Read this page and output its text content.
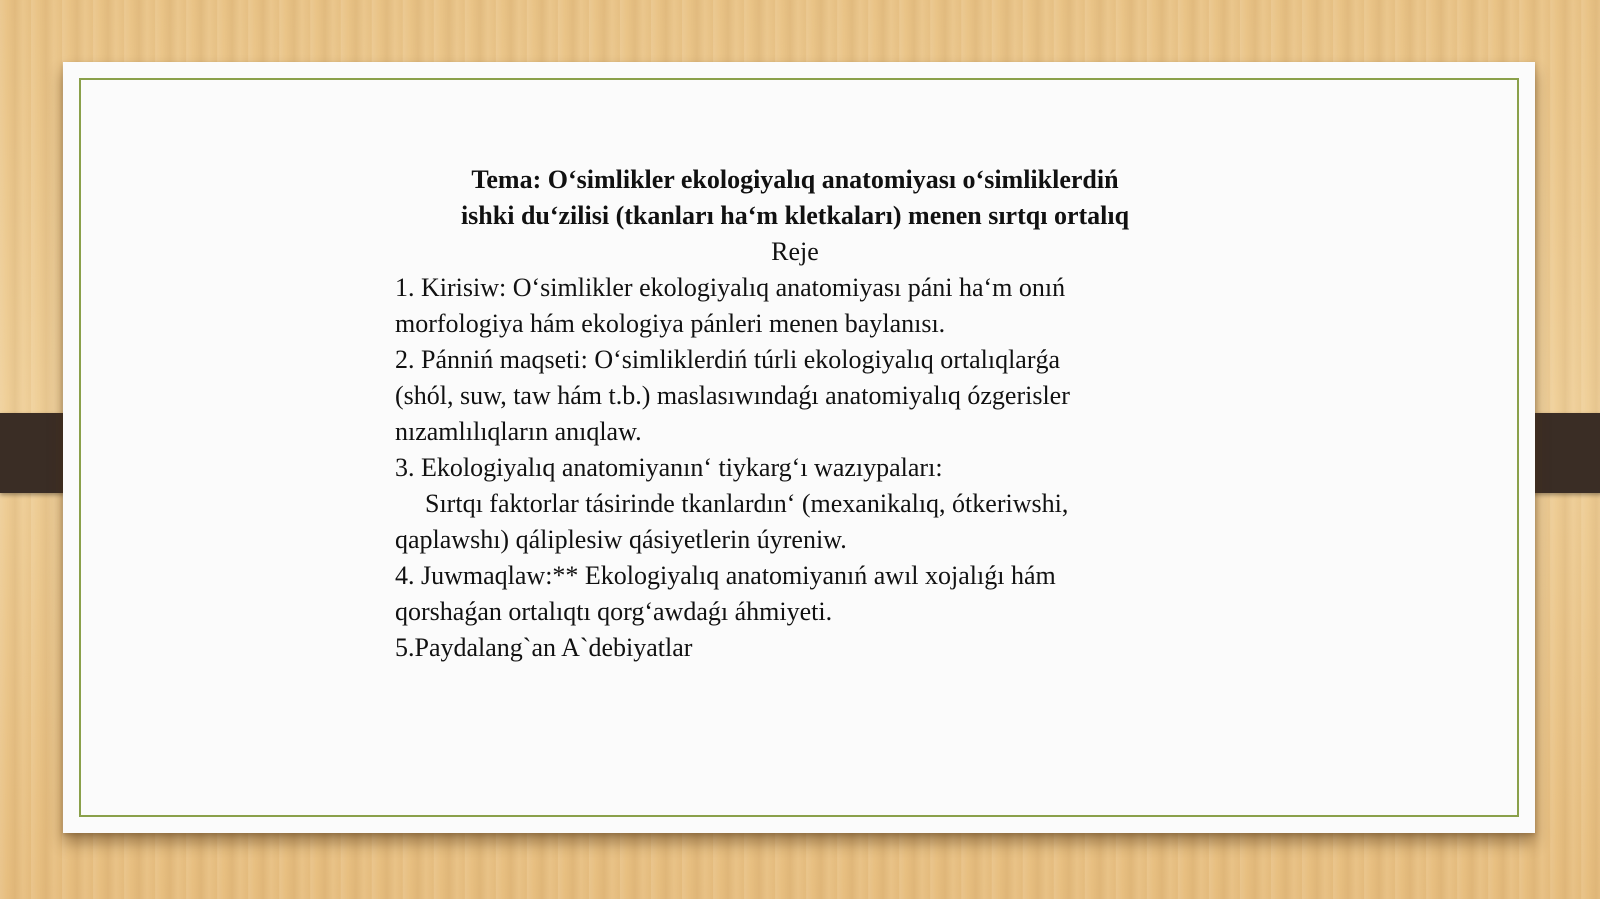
Tema: O‘simlikler ekologiyalıq anatomiyası o‘simliklerdiń

ishki du‘zilisi (tkanları ha‘m kletkaları) menen sırtqı ortalıq

Reje

1. Kirisiw: O‘simlikler ekologiyalıq anatomiyası páni ha‘m onıń

morfologiya hám ekologiya pánleri menen baylanısı.

2. Pánniń maqseti: O‘simliklerdiń túrli ekologiyalıq ortalıqlarǵa

(shól, suw, taw hám t.b.) maslasıwındaǵı anatomiyalıq ózgerisler

nızamlılıqların anıqlaw.

3. Ekologiyalıq anatomiyanın‘ tiykarg‘ı wazıypaları:

Sırtqı faktorlar tásirinde tkanlardın‘ (mexanikalıq, ótkeriwshi,

qaplawshı) qáliplesiw qásiyetlerin úyreniw.

4. Juwmaqlaw:** Ekologiyalıq anatomiyanıń awıl xojalıǵı hám

qorshaǵan ortalıqtı qorg‘awdaǵı áhmiyeti.

5.Paydalang`an A`debiyatlar
